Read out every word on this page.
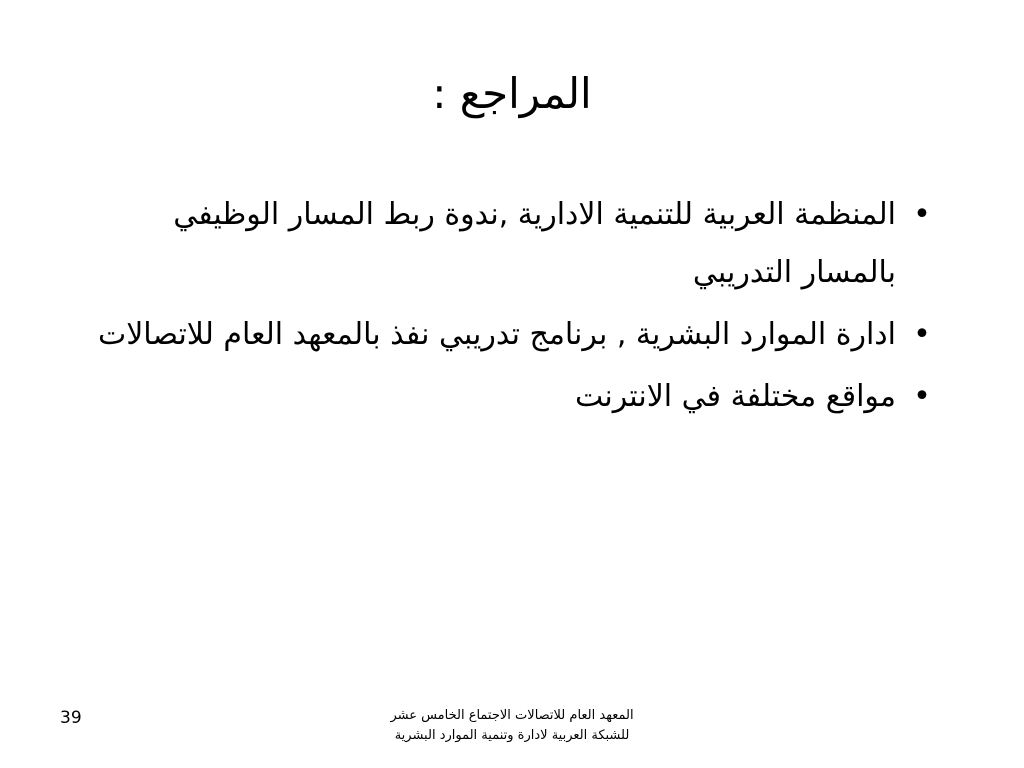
المراجع :
•
المنظمة العربية للتنمية الادارية ,ندوة ربط المسار الوظيفي بالمسار التدريبي
•
ادارة الموارد البشرية , برنامج تدريبي نفذ بالمعهد العام للاتصالات
•
مواقع مختلفة في الانترنت
المعهد العام للاتصالات الاجتماع الخامس عشر
للشبكة العربية لادارة وتنمية الموارد البشرية
39
